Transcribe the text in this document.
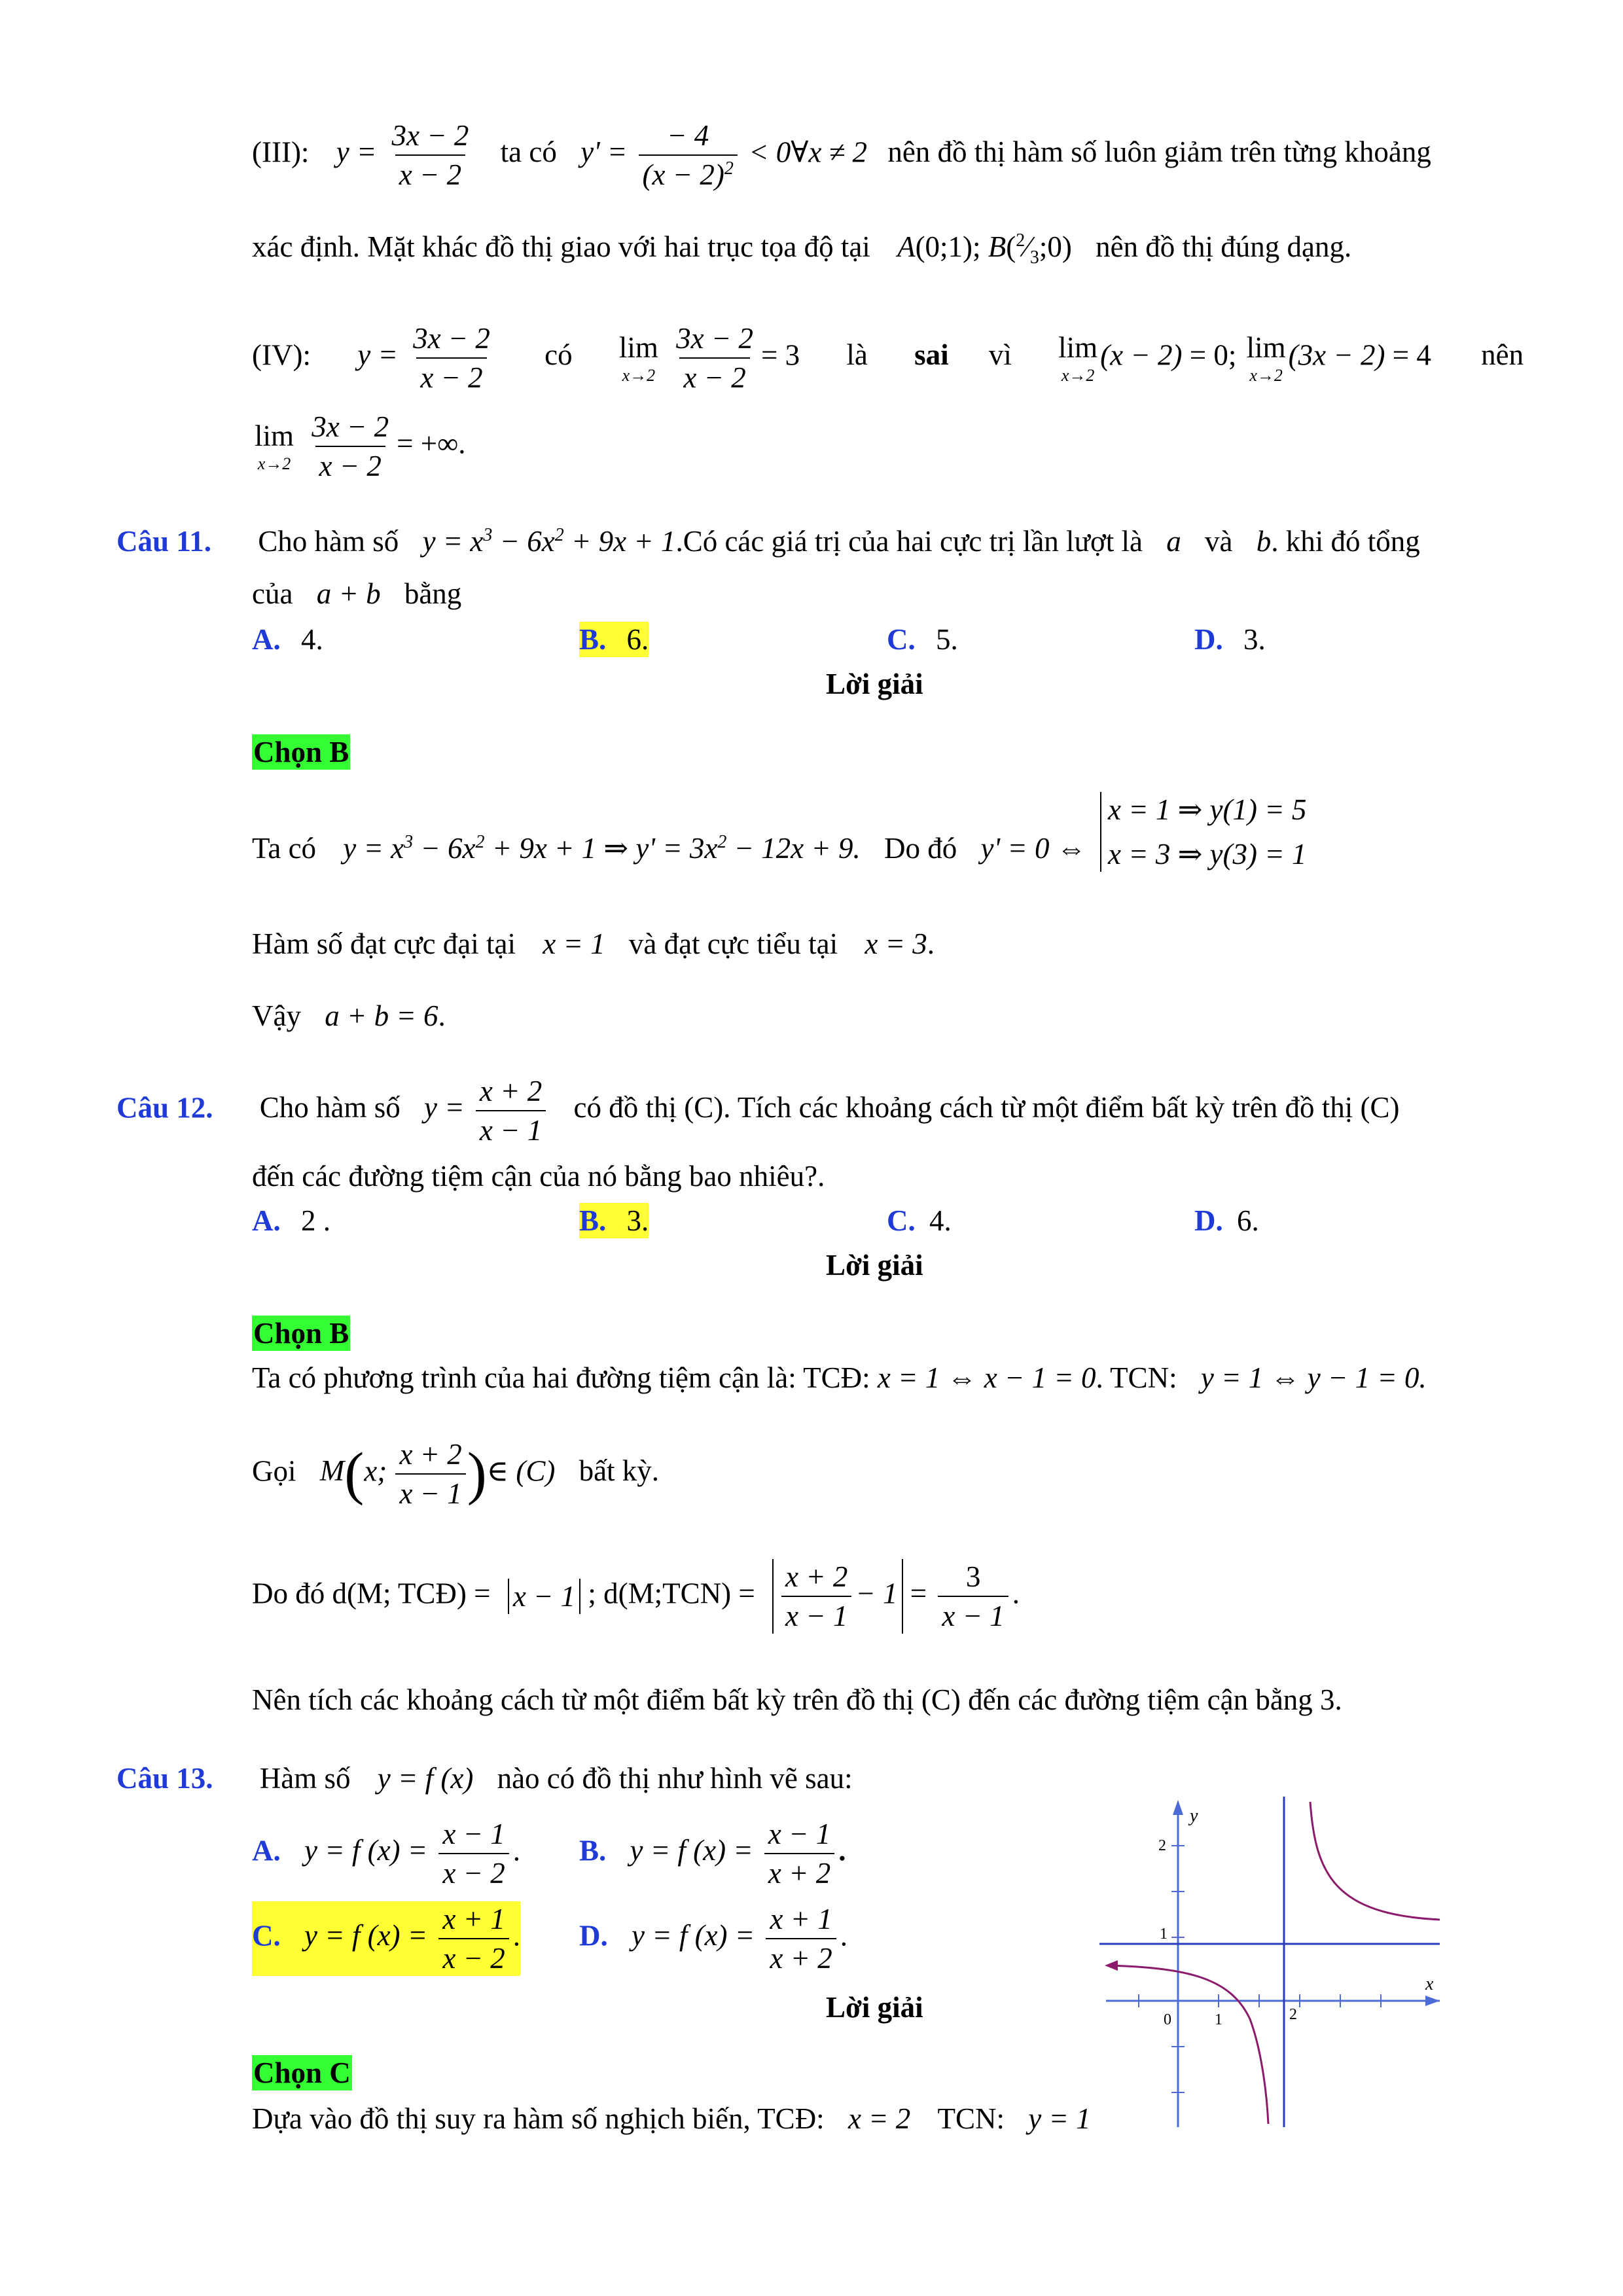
(III): $y = \frac{3x - 2}{x - 2}$ ta có $y' = \frac{- 4}{(x - 2)^2}$ < 0∀x ≠ 2 nên đồ thị hàm số luôn giảm trên từng khoảng
xác định. Mặt khác đồ thị giao với hai trục tọa độ tại A(0;1); $B(^2⁄_3;0)$ nên đồ thị đúng dạng.
(IV): $y = \frac{3x - 2}{x - 2}$ có lim
x→2
$\frac{3x - 2}{x - 2} = 3$ là sai vì lim
x→2
(x − 2) = 0; lim
x→2
(3x − 2) = 4 nên
lim
x→2
$\frac{3x - 2}{x - 2}$ = +∞.
Câu 11. Cho hàm số $y = x^3 - 6x^2 + 9x$ + 1.Có các giá trị của hai cực trị lần lượt là a và b. khi đó tổng
của a + b bằng
A. 4.	B. 6.	C. 5.	D. 3.
Lời giải
Chọn B
Ta có $y = x^3 - 6x^2 + 9x + 1$ ⇒ $y' = 3x^2 - 12x + 9$. Do đó y' = 0 ⇔
x = 1 ⇒ y(1) = 5
x = 3 ⇒ y(3) = 1
Hàm số đạt cực đại tại x = 1 và đạt cực tiểu tại x = 3.
Vậy a + b = 6.
Câu 12. Cho hàm số $y = \frac{x + 2}{x - 1}$ có đồ thị (C). Tích các khoảng cách từ một điểm bất kỳ trên đồ thị (C)
đến các đường tiệm cận của nó bằng bao nhiêu?.
A. 2 .	B. 3.	C. 4.	D. 6.
Lời giải
Chọn B
Ta có phương trình của hai đường tiệm cận là: TCĐ: x = 1 ⇔ x − 1 = 0. TCN: y = 1 ⇔ y − 1 = 0.
Gọi M(x; $\frac{x + 2}{x - 1}$ )∈ (C) bất kỳ.
Do đó d(M; TCĐ) = x − 1 ; d(M;TCN) = $\frac{x + 2}{x - 1} - 1 = \frac{3}{x - 1}$ .
Nên tích các khoảng cách từ một điểm bất kỳ trên đồ thị (C) đến các đường tiệm cận bằng 3.
Câu 13. Hàm số y = f (x) nào có đồ thị như hình vẽ sau:
A. y = f $(x) = \frac{x - 1}{x - 2}$ . B. y = f $(x) = \frac{x - 1}{x + 2}$ .
C. y = f $(x) = \frac{x + 1}{x - 2}$ . D. y = f $(x) = \frac{x + 1}{x + 2}$ .
Lời giải
Chọn C
Dựa vào đồ thị suy ra hàm số nghịch biến, TCĐ: x = 2 TCN: y = 1
y
x
2
1
0	1	2
